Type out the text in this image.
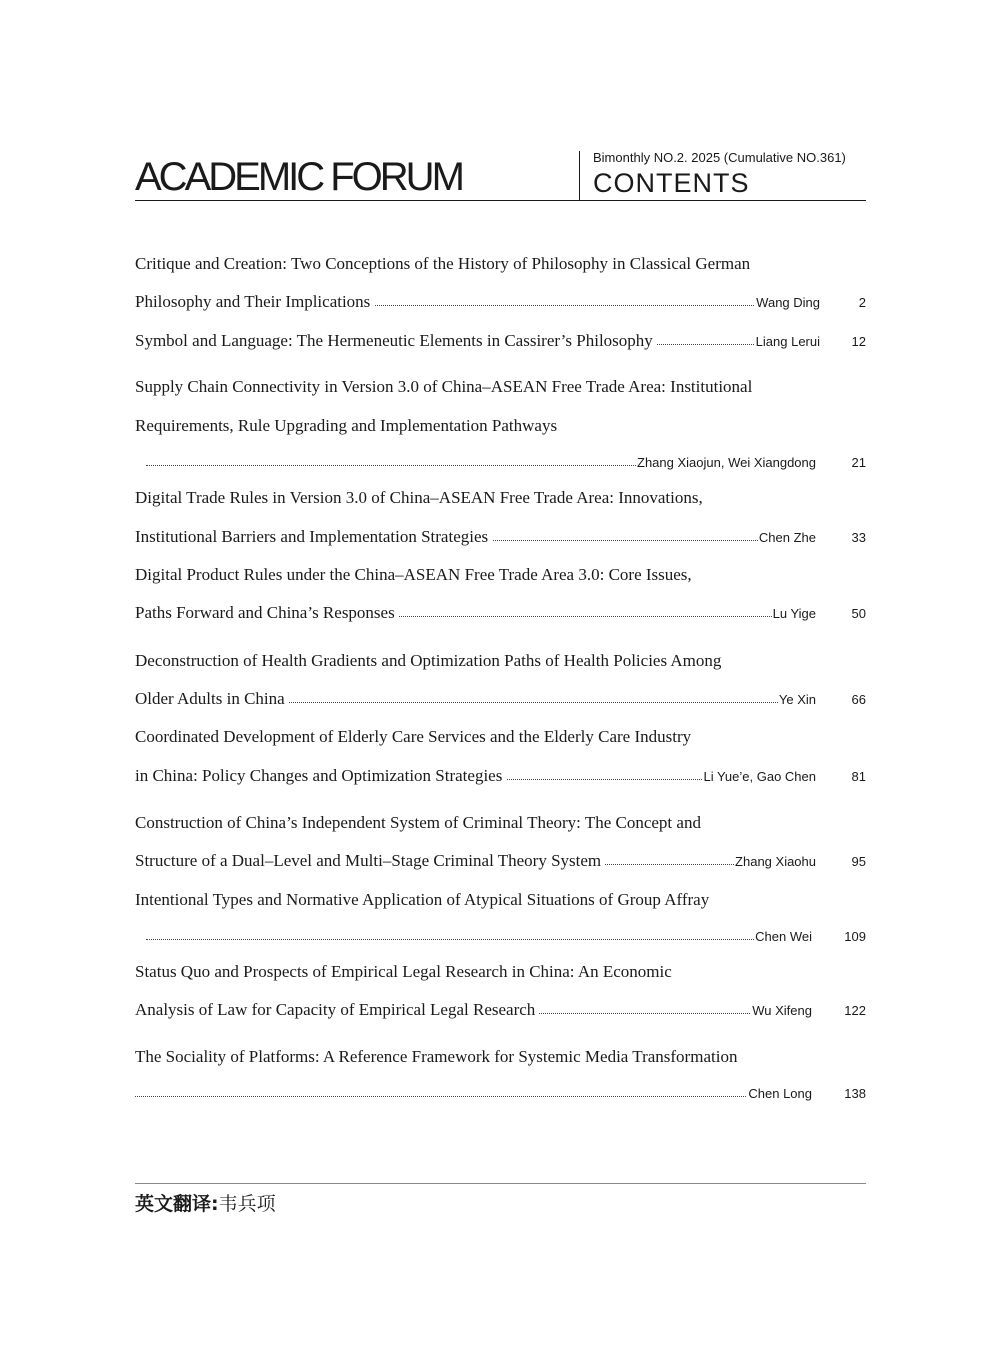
ACADEMIC FORUM	Bimonthly NO.2. 2025 (Cumulative NO.361)
CONTENTS
Critique and Creation: Two Conceptions of the History of Philosophy in Classical German
Philosophy and Their Implications	Wang Ding	2
Symbol and Language: The Hermeneutic Elements in Cassirer’s Philosophy	Liang Lerui	12
Supply Chain Connectivity in Version 3.0 of China–ASEAN Free Trade Area: Institutional
Requirements, Rule Upgrading and Implementation Pathways
Zhang Xiaojun, Wei Xiangdong	21
Digital Trade Rules in Version 3.0 of China–ASEAN Free Trade Area: Innovations,
Institutional Barriers and Implementation Strategies	Chen Zhe	33
Digital Product Rules under the China–ASEAN Free Trade Area 3.0: Core Issues,
Paths Forward and China’s Responses	Lu Yige	50
Deconstruction of Health Gradients and Optimization Paths of Health Policies Among
Older Adults in China	Ye Xin	66
Coordinated Development of Elderly Care Services and the Elderly Care Industry
in China: Policy Changes and Optimization Strategies	Li Yue’e, Gao Chen	81
Construction of China’s Independent System of Criminal Theory: The Concept and
Structure of a Dual–Level and Multi–Stage Criminal Theory System	Zhang Xiaohu	95
Intentional Types and Normative Application of Atypical Situations of Group Affray
Chen Wei	109
Status Quo and Prospects of Empirical Legal Research in China: An Economic
Analysis of Law for Capacity of Empirical Legal Research	Wu Xifeng	122
The Sociality of Platforms: A Reference Framework for Systemic Media Transformation
Chen Long	138
英文翻译:韦兵项
